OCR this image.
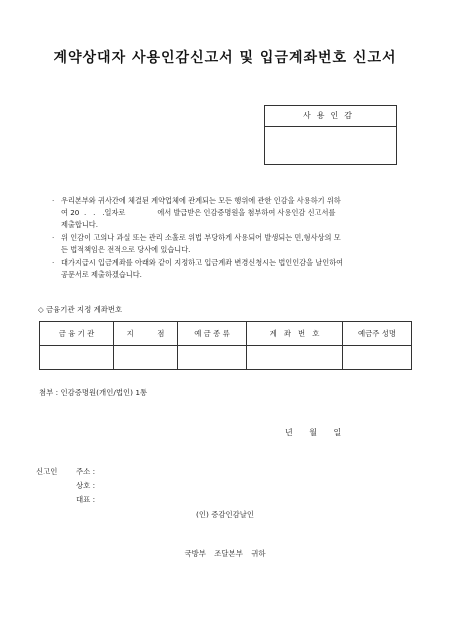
계약상대자 사용인감신고서 및 입금계좌번호 신고서
사용인감
· 우리본부와 귀사간에 체결된 계약업체에 관계되는 모든 행위에 관한 인감을 사용하기 위하
여 20  .   .   .일자로              에서 발급받은 인감증명원을 첨부하여 사용인감 신고서를
제출합니다.
· 위 인감이 고의나 과실 또는 관리 소홀로 위법 부당하게 사용되어 발생되는 민,형사상의 모
든 법적책임은 전적으로 당사에 있습니다.
· 대가지급시 입금계좌를 아래와 같이 지정하고 입금계좌 변경신청시는 법인인감을 날인하여
공문서로 제출하겠습니다.
◇ 금융기관 지정 계좌번호
금 융 기 관	지          점	예 금 종 류	계   좌   번   호	예금주 성명

첨부 : 인감증명원(개인/법인) 1통
년 월 일
신고인	주소 :
상호 :
대표 :
(인) 증감인감날인
국방부 조달본부 귀하
